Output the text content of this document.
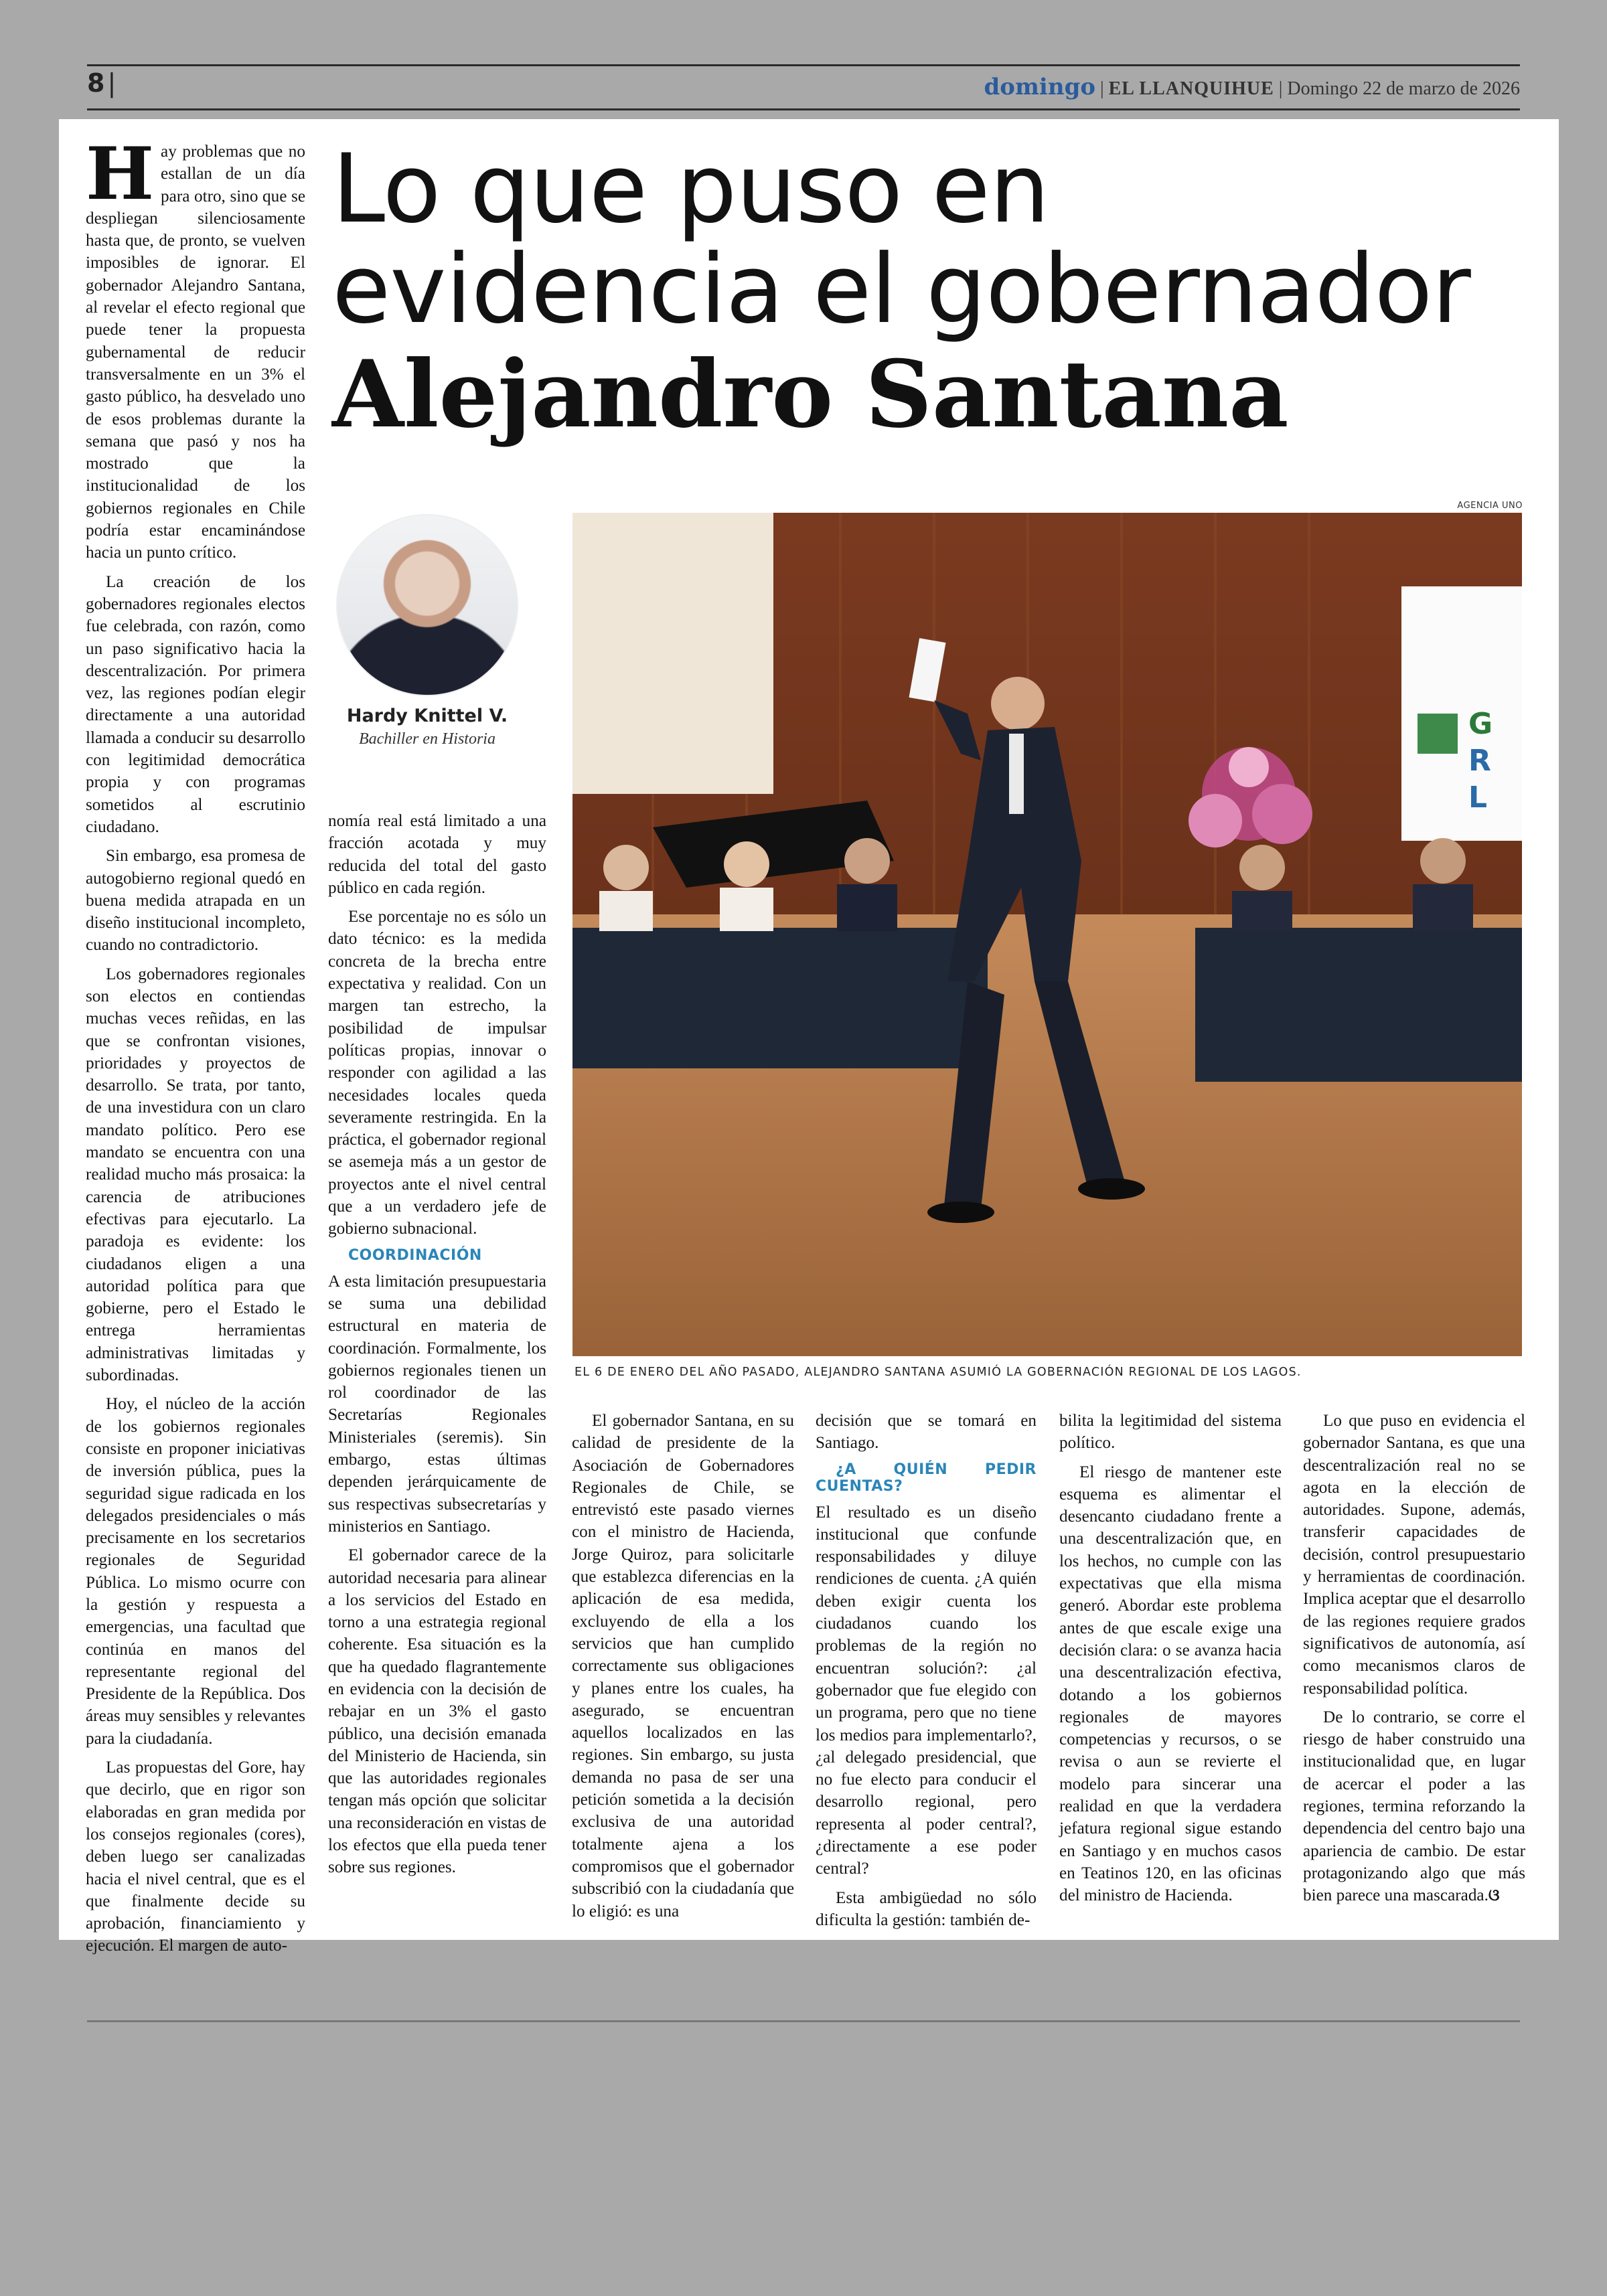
8 |	domingo | EL LLANQUIHUE | Domingo 22 de marzo de 2026

Hay problemas que no estallan de un día para otro, sino que se despliegan silenciosamente hasta que, de pronto, se vuelven imposibles de ignorar. El gobernador Alejandro Santana, al revelar el efecto regional que puede tener la propuesta gubernamental de reducir transversalmente en un 3% el gasto público, ha desvelado uno de esos problemas durante la semana que pasó y nos ha mostrado que la institucionalidad de los gobiernos regionales en Chile podría estar encaminándose hacia un punto crítico.

La creación de los gobernadores regionales electos fue celebrada, con razón, como un paso significativo hacia la descentralización. Por primera vez, las regiones podían elegir directamente a una autoridad llamada a conducir su desarrollo con legitimidad democrática propia y con programas sometidos al escrutinio ciudadano.

Sin embargo, esa promesa de autogobierno regional quedó en buena medida atrapada en un diseño institucional incompleto, cuando no contradictorio.

Los gobernadores regionales son electos en contiendas muchas veces reñidas, en las que se confrontan visiones, prioridades y proyectos de desarrollo. Se trata, por tanto, de una investidura con un claro mandato político. Pero ese mandato se encuentra con una realidad mucho más prosaica: la carencia de atribuciones efectivas para ejecutarlo. La paradoja es evidente: los ciudadanos eligen a una autoridad política para que gobierne, pero el Estado le entrega herramientas administrativas limitadas y subordinadas.

Hoy, el núcleo de la acción de los gobiernos regionales consiste en proponer iniciativas de inversión pública, pues la seguridad sigue radicada en los delegados presidenciales o más precisamente en los secretarios regionales de Seguridad Pública. Lo mismo ocurre con la gestión y respuesta a emergencias, una facultad que continúa en manos del representante regional del Presidente de la República. Dos áreas muy sensibles y relevantes para la ciudadanía.

Las propuestas del Gore, hay que decirlo, que en rigor son elaboradas en gran medida por los consejos regionales (cores), deben luego ser canalizadas hacia el nivel central, que es el que finalmente decide su aprobación, financiamiento y ejecución. El margen de auto-

Lo que puso en
evidencia el gobernador
Alejandro Santana
Hardy Knittel V.
Bachiller en Historia
AGENCIA UNO
G
R
L
EL 6 DE ENERO DEL AÑO PASADO, ALEJANDRO SANTANA ASUMIÓ LA GOBERNACIÓN REGIONAL DE LOS LAGOS.

nomía real está limitado a una fracción acotada y muy reducida del total del gasto público en cada región.

Ese porcentaje no es sólo un dato técnico: es la medida concreta de la brecha entre expectativa y realidad. Con un margen tan estrecho, la posibilidad de impulsar políticas propias, innovar o responder con agilidad a las necesidades locales queda severamente restringida. En la práctica, el gobernador regional se asemeja más a un gestor de proyectos ante el nivel central que a un verdadero jefe de gobierno subnacional.

COORDINACIÓN

A esta limitación presupuestaria se suma una debilidad estructural en materia de coordinación. Formalmente, los gobiernos regionales tienen un rol coordinador de las Secretarías Regionales Ministeriales (seremis). Sin embargo, estas últimas dependen jerárquicamente de sus respectivas subsecretarías y ministerios en Santiago.

El gobernador carece de la autoridad necesaria para alinear a los servicios del Estado en torno a una estrategia regional coherente. Esa situación es la que ha quedado flagrantemente en evidencia con la decisión de rebajar en un 3% el gasto público, una decisión emanada del Ministerio de Hacienda, sin que las autoridades regionales tengan más opción que solicitar una reconsideración en vistas de los efectos que ella pueda tener sobre sus regiones.

El gobernador Santana, en su calidad de presidente de la Asociación de Gobernadores Regionales de Chile, se entrevistó este pasado viernes con el ministro de Hacienda, Jorge Quiroz, para solicitarle que establezca diferencias en la aplicación de esa medida, excluyendo de ella a los servicios que han cumplido correctamente sus obligaciones y planes entre los cuales, ha asegurado, se encuentran aquellos localizados en las regiones. Sin embargo, su justa demanda no pasa de ser una petición sometida a la decisión exclusiva de una autoridad totalmente ajena a los compromisos que el gobernador subscribió con la ciudadanía que lo eligió: es una

decisión que se tomará en Santiago.

¿A QUIÉN PEDIR CUENTAS?

El resultado es un diseño institucional que confunde responsabilidades y diluye rendiciones de cuenta. ¿A quién deben exigir cuenta los ciudadanos cuando los problemas de la región no encuentran solución?: ¿al gobernador que fue elegido con un programa, pero que no tiene los medios para implementarlo?, ¿al delegado presidencial, que no fue electo para conducir el desarrollo regional, pero representa al poder central?, ¿directamente a ese poder central?

Esta ambigüedad no sólo dificulta la gestión: también de-

bilita la legitimidad del sistema político.

El riesgo de mantener este esquema es alimentar el desencanto ciudadano frente a una descentralización que, en los hechos, no cumple con las expectativas que ella misma generó. Abordar este problema antes de que escale exige una decisión clara: o se avanza hacia una descentralización efectiva, dotando a los gobiernos regionales de mayores competencias y recursos, o se revisa o aun se revierte el modelo para sincerar una realidad en que la verdadera jefatura regional sigue estando en Santiago y en muchos casos en Teatinos 120, en las oficinas del ministro de Hacienda.

Lo que puso en evidencia el gobernador Santana, es que una descentralización real no se agota en la elección de autoridades. Supone, además, transferir capacidades de decisión, control presupuestario y herramientas de coordinación. Implica aceptar que el desarrollo de las regiones requiere grados significativos de autonomía, así como mecanismos claros de responsabilidad política.

De lo contrario, se corre el riesgo de haber construido una institucionalidad que, en lugar de acercar el poder a las regiones, termina reforzando la dependencia del centro bajo una apariencia de cambio. De estar protagonizando algo que más bien parece una mascarada.ଓ
